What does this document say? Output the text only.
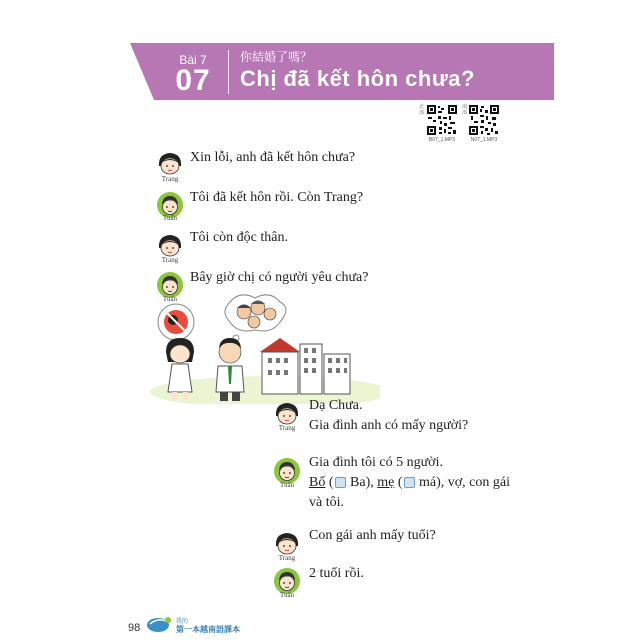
Bài 7
07
你結婚了嗎？
Chị đã kết hôn chưa?
北部
B07_1.MP3
南部
N07_1.MP3
Trang
Xin lỗi, anh đã kết hôn chưa?
Tuấn
Tôi đã kết hôn rồi. Còn Trang?
Trang
Tôi còn độc thân.
Tuấn
Bây giờ chị có người yêu chưa?
Trang
Dạ Chưa.
Gia đình anh có mấy người?
Tuấn
Gia đình tôi có 5 người.
Bố ( Ba), mẹ ( má), vợ, con gái
và tôi.
Trang
Con gái anh mấy tuổi?
Tuấn
2 tuổi rồi.
98
我的
第一本越南語課本
